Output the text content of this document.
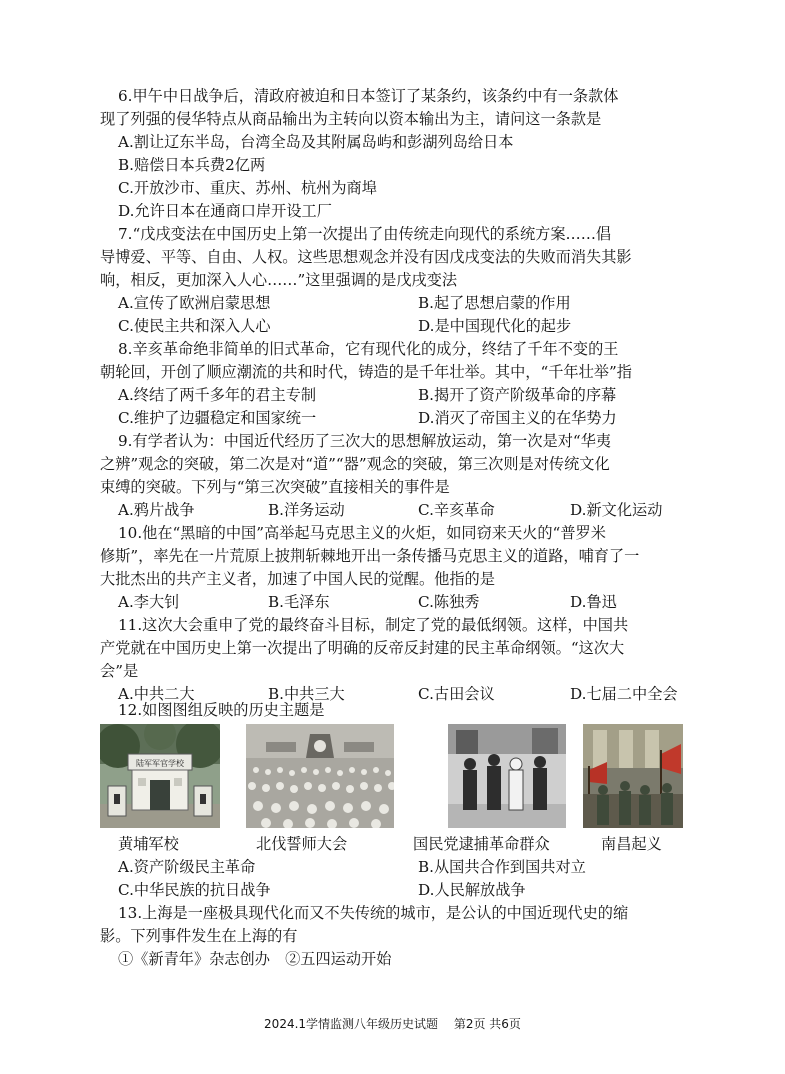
6.甲午中日战争后，清政府被迫和日本签订了某条约，该条约中有一条款体
现了列强的侵华特点从商品输出为主转向以资本输出为主，请问这一条款是
A.割让辽东半岛，台湾全岛及其附属岛屿和彭湖列岛给日本
B.赔偿日本兵费2亿两
C.开放沙市、重庆、苏州、杭州为商埠
D.允许日本在通商口岸开设工厂
7.“戊戌变法在中国历史上第一次提出了由传统走向现代的系统方案……倡
导博爱、平等、自由、人权。这些思想观念并没有因戊戌变法的失败而消失其影
响，相反，更加深入人心……”这里强调的是戊戌变法
A.宣传了欧洲启蒙思想	B.起了思想启蒙的作用
C.使民主共和深入人心	D.是中国现代化的起步
8.辛亥革命绝非简单的旧式革命，它有现代化的成分，终结了千年不变的王
朝轮回，开创了顺应潮流的共和时代，铸造的是千年壮举。其中，“千年壮举”指
A.终结了两千多年的君主专制	B.揭开了资产阶级革命的序幕
C.维护了边疆稳定和国家统一	D.消灭了帝国主义的在华势力
9.有学者认为：中国近代经历了三次大的思想解放运动，第一次是对“华夷
之辨”观念的突破，第二次是对“道”“器”观念的突破，第三次则是对传统文化
束缚的突破。下列与“第三次突破”直接相关的事件是
A.鸦片战争	B.洋务运动	C.辛亥革命	D.新文化运动
10.他在“黑暗的中国”高举起马克思主义的火炬，如同窃来天火的“普罗米
修斯”，率先在一片荒原上披荆斩棘地开出一条传播马克思主义的道路，哺育了一
大批杰出的共产主义者，加速了中国人民的觉醒。他指的是
A.李大钊	B.毛泽东	C.陈独秀	D.鲁迅
11.这次大会重申了党的最终奋斗目标，制定了党的最低纲领。这样，中国共
产党就在中国历史上第一次提出了明确的反帝反封建的民主革命纲领。“这次大
会”是
A.中共二大	B.中共三大	C.古田会议	D.七届二中全会
12.如图图组反映的历史主题是
陆军军官学校
黄埔军校	北伐誓师大会	国民党逮捕革命群众	南昌起义
A.资产阶级民主革命	B.从国共合作到国共对立
C.中华民族的抗日战争	D.人民解放战争
13.上海是一座极具现代化而又不失传统的城市，是公认的中国近现代史的缩
影。下列事件发生在上海的有
①《新青年》杂志创办　②五四运动开始
2024.1学情监测八年级历史试题　 第2页 共6页
